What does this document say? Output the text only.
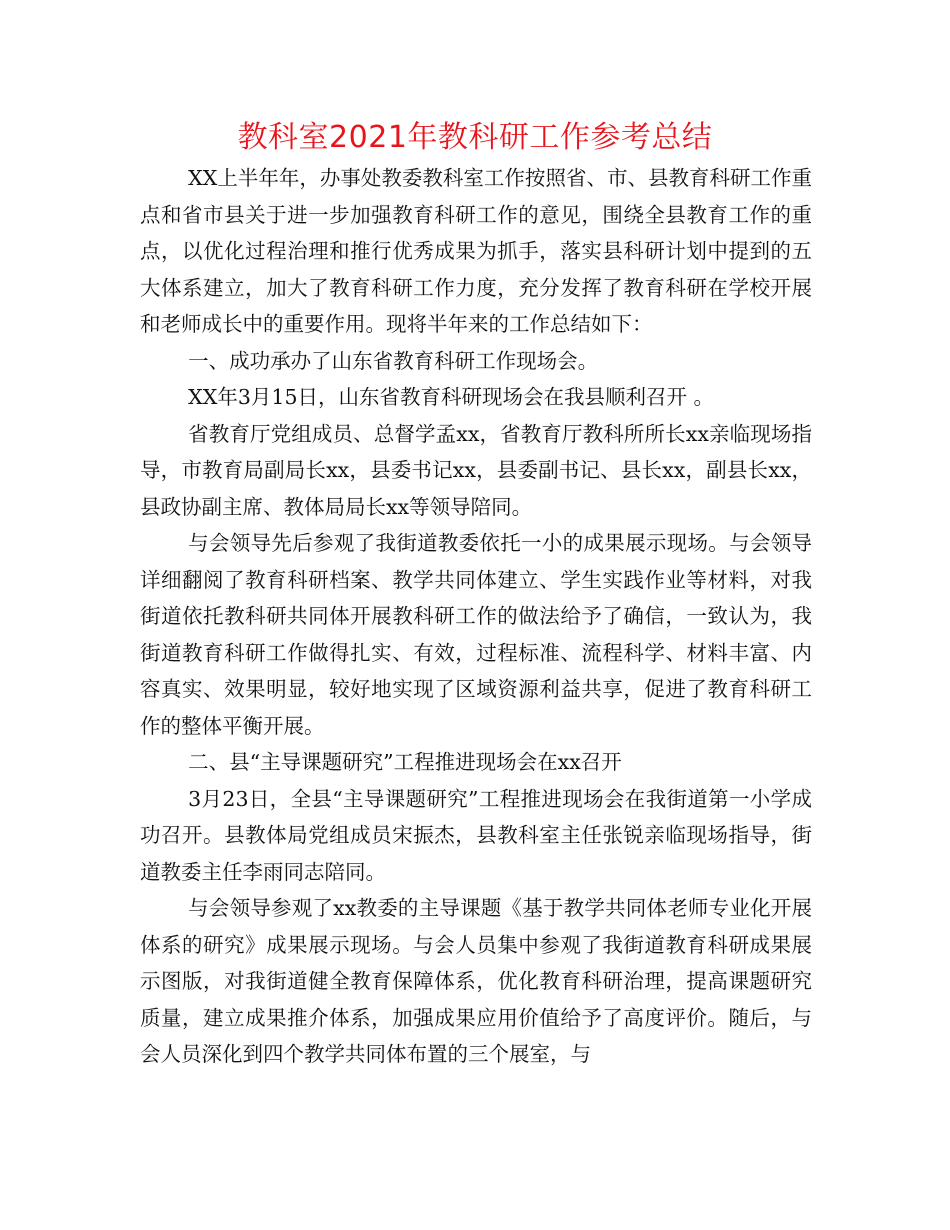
教科室2021年教科研工作参考总结

XX上半年年，办事处教委教科室工作按照省、市、县教育科研工作重点和省市县关于进一步加强教育科研工作的意见，围绕全县教育工作的重点，以优化过程治理和推行优秀成果为抓手，落实县科研计划中提到的五大体系建立，加大了教育科研工作力度，充分发挥了教育科研在学校开展和老师成长中的重要作用。现将半年来的工作总结如下：

一、成功承办了山东省教育科研工作现场会。

XX年3月15日，山东省教育科研现场会在我县顺利召开 。

省教育厅党组成员、总督学孟xx，省教育厅教科所所长xx亲临现场指导，市教育局副局长xx，县委书记xx，县委副书记、县长xx，副县长xx，县政协副主席、教体局局长xx等领导陪同。

与会领导先后参观了我街道教委依托一小的成果展示现场。与会领导详细翻阅了教育科研档案、教学共同体建立、学生实践作业等材料，对我街道依托教科研共同体开展教科研工作的做法给予了确信，一致认为，我街道教育科研工作做得扎实、有效，过程标准、流程科学、材料丰富、内容真实、效果明显，较好地实现了区域资源利益共享，促进了教育科研工作的整体平衡开展。

二、县“主导课题研究”工程推进现场会在xx召开

3月23日，全县“主导课题研究”工程推进现场会在我街道第一小学成功召开。县教体局党组成员宋振杰，县教科室主任张锐亲临现场指导，街道教委主任李雨同志陪同。

与会领导参观了xx教委的主导课题《基于教学共同体老师专业化开展体系的研究》成果展示现场。与会人员集中参观了我街道教育科研成果展示图版，对我街道健全教育保障体系，优化教育科研治理，提高课题研究质量，建立成果推介体系，加强成果应用价值给予了高度评价。随后，与会人员深化到四个教学共同体布置的三个展室，与
